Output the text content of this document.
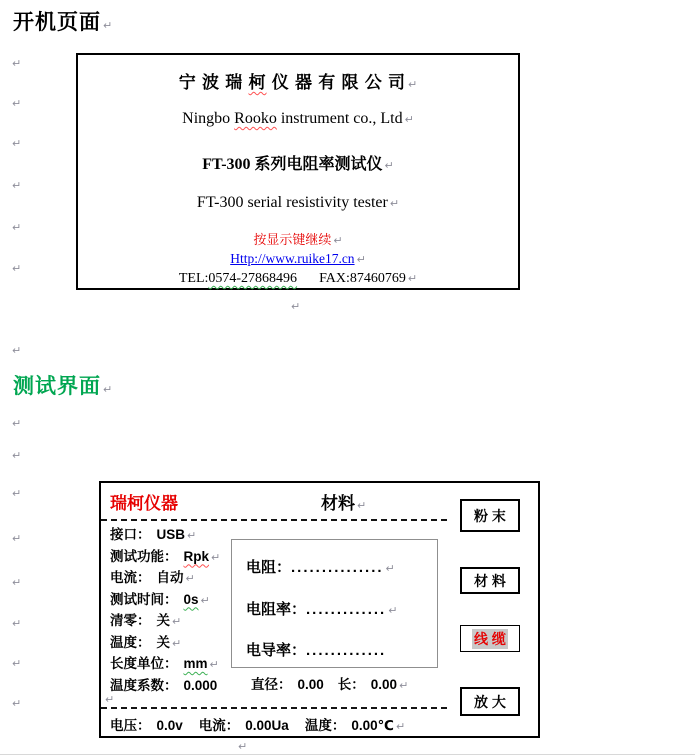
↵
↵
↵
↵
↵
↵
↵
↵
↵
↵
↵
↵
↵
↵
↵
↵
↵
开机页面 ↵
测试界面 ↵
宁 波 瑞 柯 仪 器 有 限 公 司 ↵
Ningbo Rooko instrument co., Ltd ↵
FT-300 系列电阻率测试仪 ↵
FT-300 serial resistivity tester ↵
按显示键继续 ↵
Http://www.ruike17.cn ↵
TEL:0574-27868496 FAX:87460769 ↵
瑞柯仪器	材料 ↵
接口： USB ↵
测试功能： Rpk ↵
电流： 自动 ↵
测试时间： 0s ↵
清零： 关 ↵
温度： 关 ↵
长度单位： mm ↵
温度系数： 0.000
电阻：............... ↵
电阻率：............. ↵
电导率：.............
直径： 0.00 长： 0.00 ↵
↵
电压： 0.0v 电流： 0.00Ua 温度： 0.00℃ ↵
粉 末
材 料
线 缆
放 大
